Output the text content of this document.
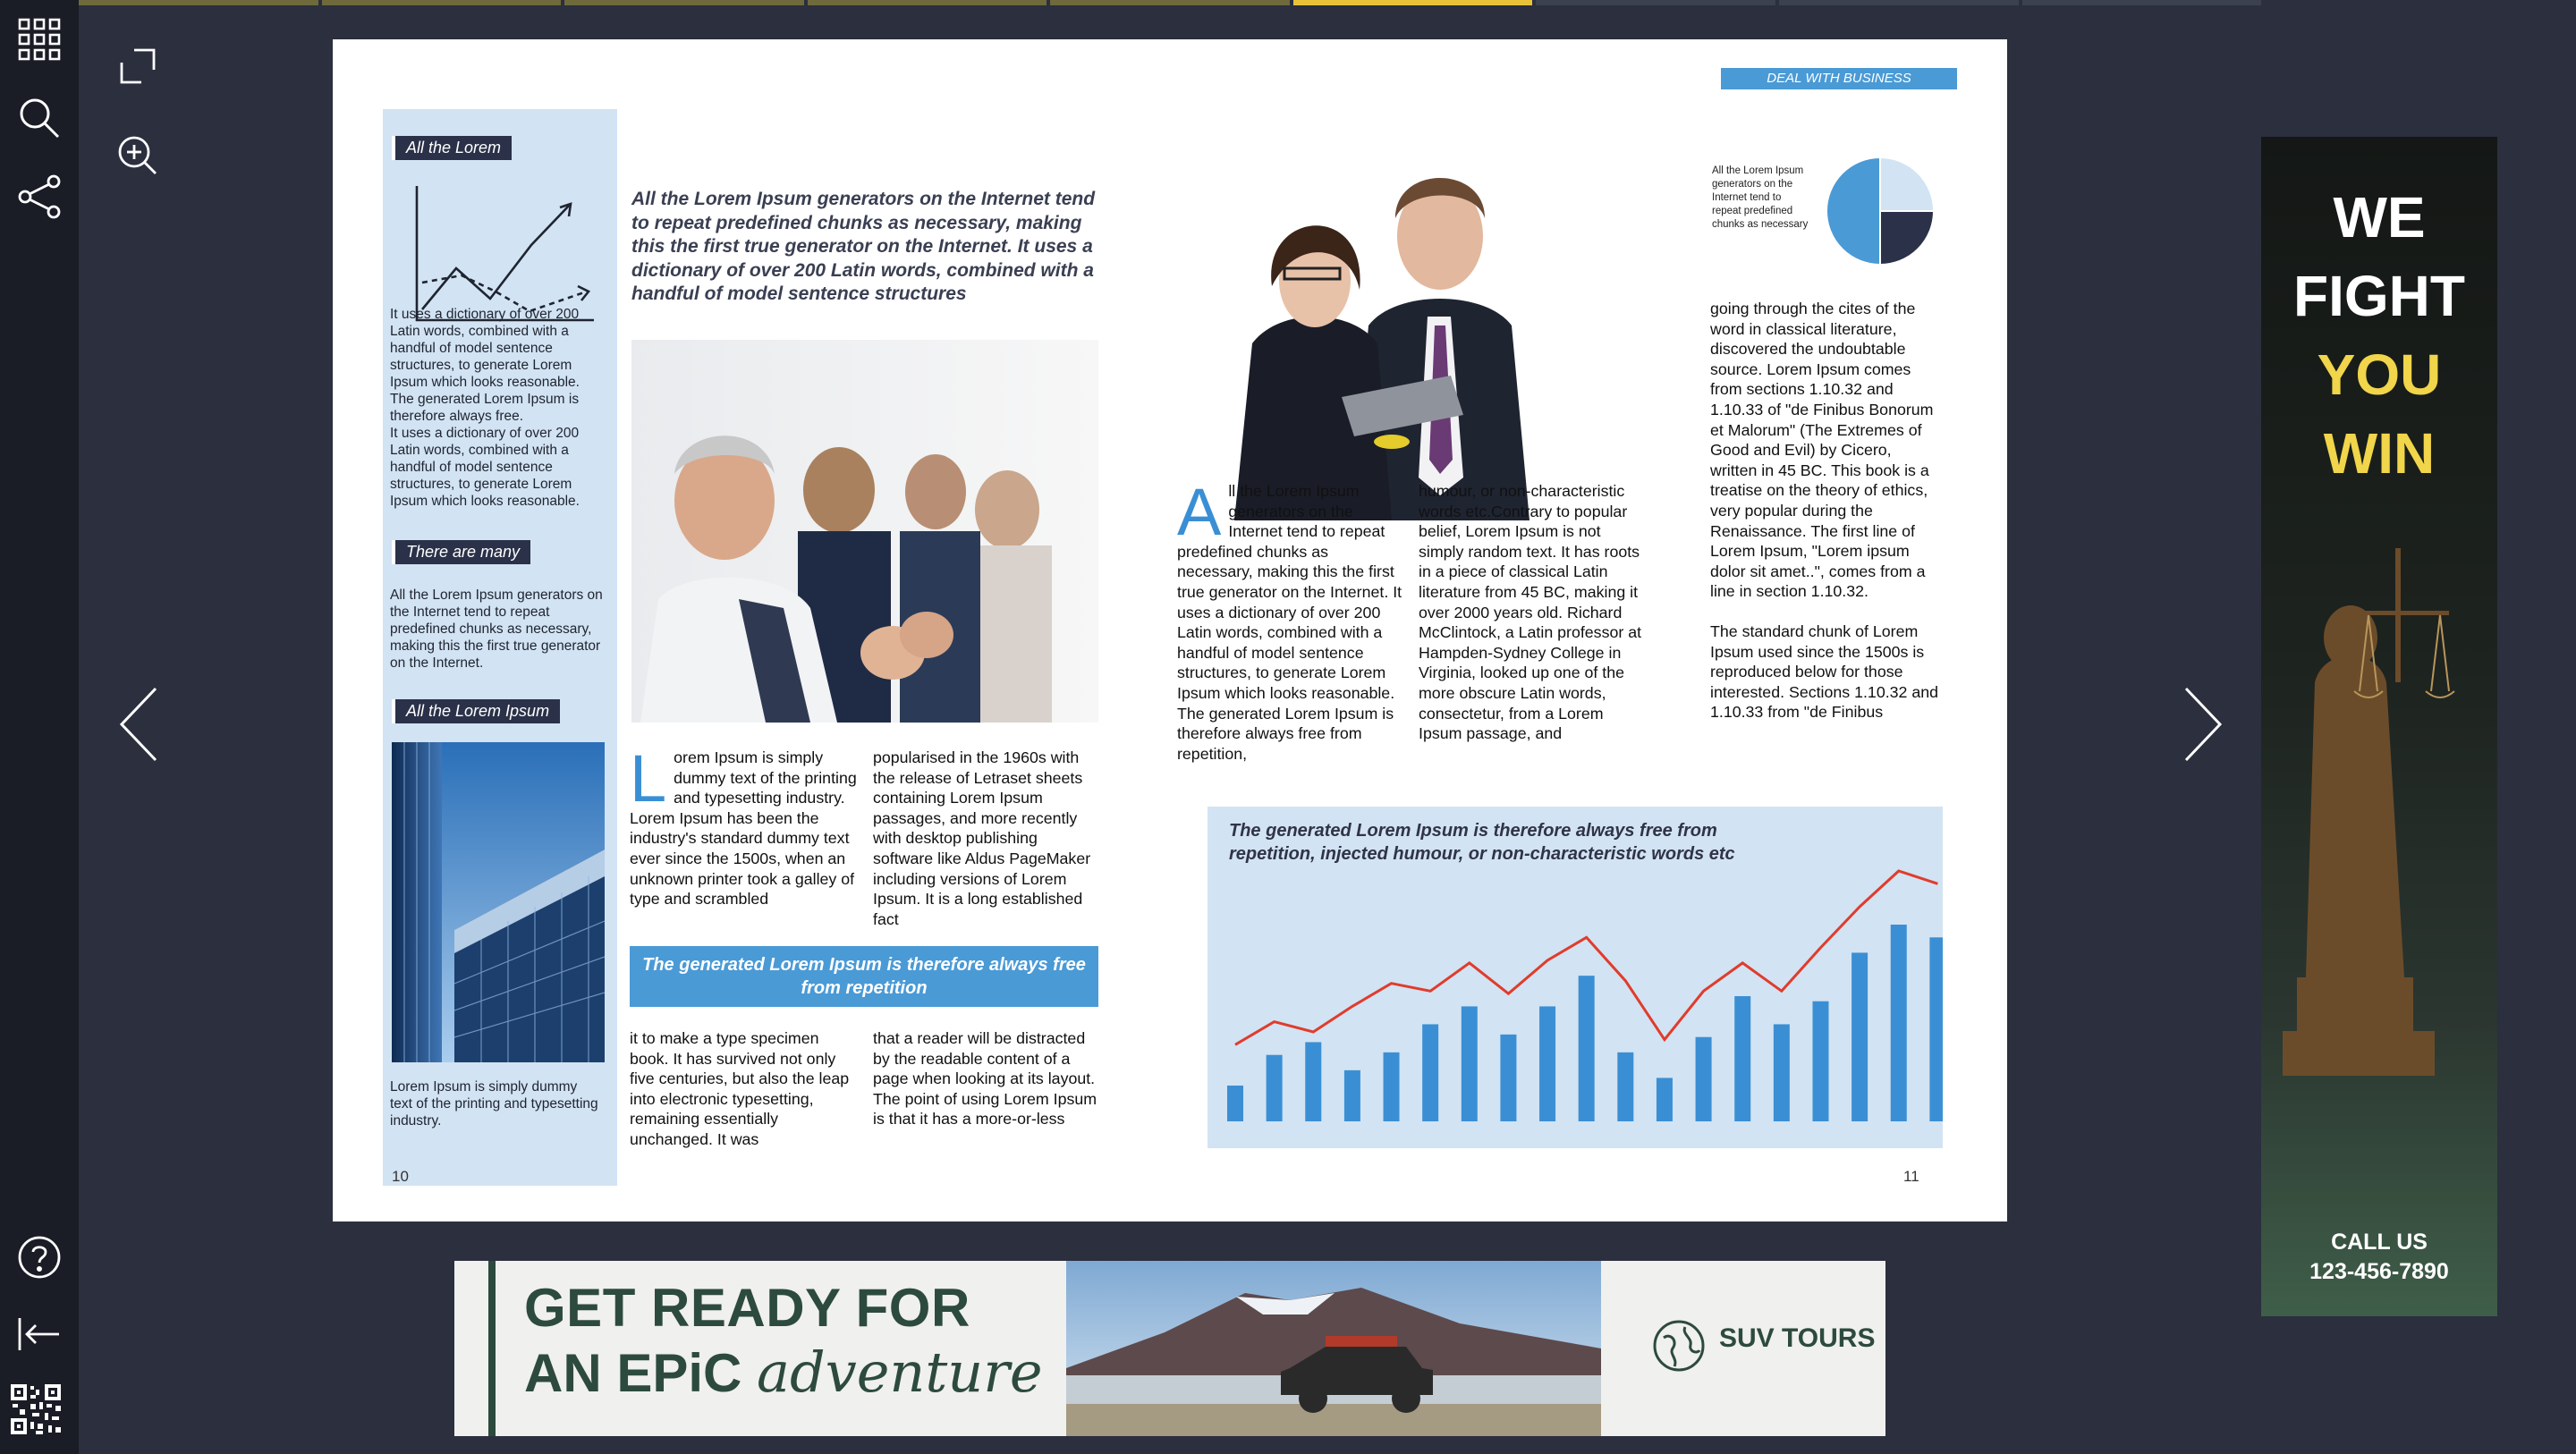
All the Lorem

It uses a dictionary of over 200 Latin words, combined with a handful of model sentence structures, to generate Lorem Ipsum which looks reasonable. The generated Lorem Ipsum is therefore always free.

It uses a dictionary of over 200 Latin words, combined with a handful of model sentence structures, to generate Lorem Ipsum which looks reasonable.

There are many

All the Lorem Ipsum generators on the Internet tend to repeat predefined chunks as necessary, making this the first true generator on the Internet.

All the Lorem Ipsum
Lorem Ipsum is simply dummy text of the printing and typesetting industry.
All the Lorem Ipsum generators on the Internet tend to repeat predefined chunks as necessary, making this the first true generator on the Internet. It uses a dictionary of over 200 Latin words, combined with a handful of model sentence structures
L orem Ipsum is simply dummy text of the printing and typesetting industry. Lorem Ipsum has been the industry's standard dummy text ever since the 1500s, when an unknown printer took a galley of type and scrambled

popularised in the 1960s with the release of Letraset sheets containing Lorem Ipsum passages, and more recently with desktop publishing software like Aldus PageMaker including versions of Lorem Ipsum. It is a long established fact

The generated Lorem Ipsum is therefore always free from repetition

it to make a type specimen book. It has survived not only five centuries, but also the leap into electronic typesetting, remaining essentially unchanged. It was

that a reader will be distracted by the readable content of a page when looking at its layout. The point of using Lorem Ipsum is that it has a more-or-less

10
DEAL WITH BUSINESS
All the Lorem Ipsum generators on the Internet tend to repeat predefined chunks as necessary
A ll the Lorem Ipsum generators on the Internet tend to repeat predefined chunks as necessary, making this the first true generator on the Internet. It uses a dictionary of over 200 Latin words, combined with a handful of model sentence structures, to generate Lorem Ipsum which looks reasonable. The generated Lorem Ipsum is therefore always free from repetition,

humour, or non-characteristic words etc.Contrary to popular belief, Lorem Ipsum is not simply random text. It has roots in a piece of classical Latin literature from 45 BC, making it over 2000 years old. Richard McClintock, a Latin professor at Hampden-Sydney College in Virginia, looked up one of the more obscure Latin words, consectetur, from a Lorem Ipsum passage, and

going through the cites of the word in classical literature, discovered the undoubtable source. Lorem Ipsum comes from sections 1.10.32 and 1.10.33 of "de Finibus Bonorum et Malorum" (The Extremes of Good and Evil) by Cicero, written in 45 BC. This book is a treatise on the theory of ethics, very popular during the Renaissance. The first line of Lorem Ipsum, "Lorem ipsum dolor sit amet..", comes from a line in section 1.10.32.

The standard chunk of Lorem Ipsum used since the 1500s is reproduced below for those interested. Sections 1.10.32 and 1.10.33 from "de Finibus

The generated Lorem Ipsum is therefore always free from repetition, injected humour, or non-characteristic words etc
11
WE
FIGHT
YOU
WIN
CALL US
123-456-7890
GET READY FOR
AN EPiC adventure
SUV TOURS
